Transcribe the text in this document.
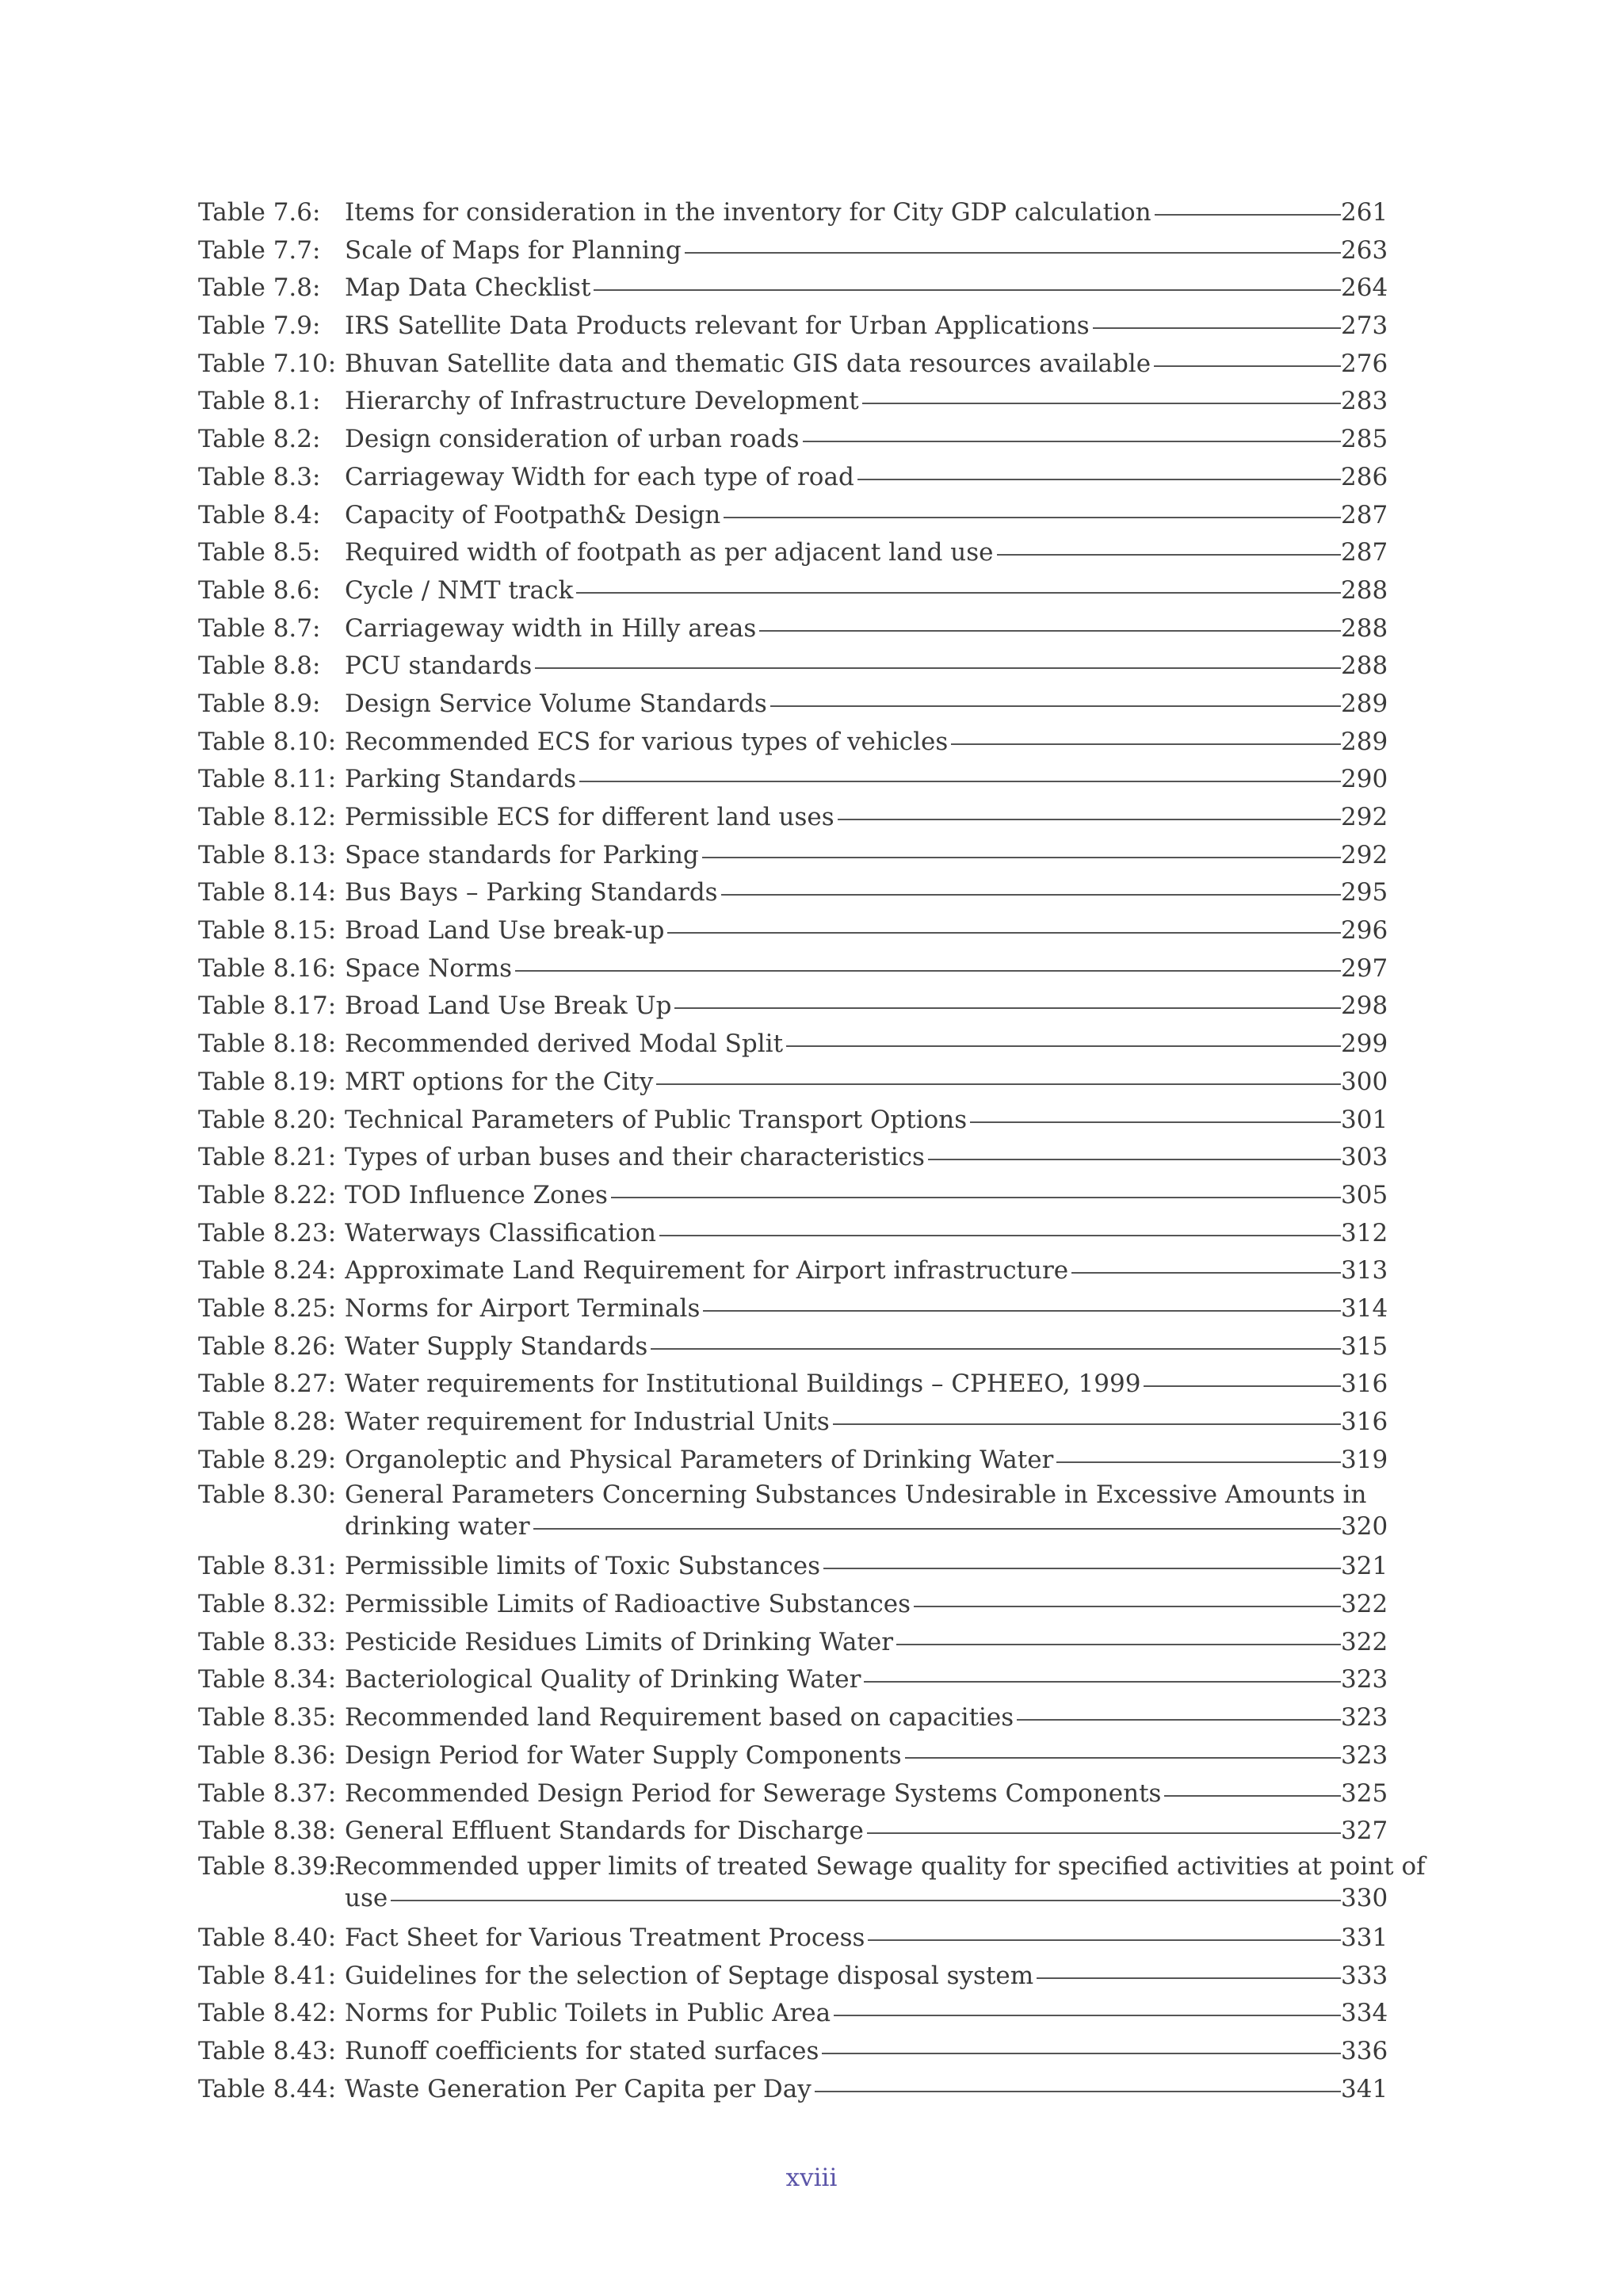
Table 7.6: Items for consideration in the inventory for City GDP calculation	261
Table 7.7: Scale of Maps for Planning	263
Table 7.8: Map Data Checklist	264
Table 7.9: IRS Satellite Data Products relevant for Urban Applications	273
Table 7.10: Bhuvan Satellite data and thematic GIS data resources available	276
Table 8.1: Hierarchy of Infrastructure Development	283
Table 8.2: Design consideration of urban roads	285
Table 8.3: Carriageway Width for each type of road	286
Table 8.4: Capacity of Footpath& Design	287
Table 8.5: Required width of footpath as per adjacent land use	287
Table 8.6: Cycle / NMT track	288
Table 8.7: Carriageway width in Hilly areas	288
Table 8.8: PCU standards	288
Table 8.9: Design Service Volume Standards	289
Table 8.10: Recommended ECS for various types of vehicles	289
Table 8.11: Parking Standards	290
Table 8.12: Permissible ECS for different land uses	292
Table 8.13: Space standards for Parking	292
Table 8.14: Bus Bays – Parking Standards	295
Table 8.15: Broad Land Use break-up	296
Table 8.16: Space Norms	297
Table 8.17: Broad Land Use Break Up	298
Table 8.18: Recommended derived Modal Split	299
Table 8.19: MRT options for the City	300
Table 8.20: Technical Parameters of Public Transport Options	301
Table 8.21: Types of urban buses and their characteristics	303
Table 8.22: TOD Influence Zones	305
Table 8.23: Waterways Classification	312
Table 8.24: Approximate Land Requirement for Airport infrastructure	313
Table 8.25: Norms for Airport Terminals	314
Table 8.26: Water Supply Standards	315
Table 8.27: Water requirements for Institutional Buildings – CPHEEO, 1999	316
Table 8.28: Water requirement for Industrial Units	316
Table 8.29: Organoleptic and Physical Parameters of Drinking Water	319
Table 8.30: General Parameters Concerning Substances Undesirable in Excessive Amounts in
drinking water	320
Table 8.31: Permissible limits of Toxic Substances	321
Table 8.32: Permissible Limits of Radioactive Substances	322
Table 8.33: Pesticide Residues Limits of Drinking Water	322
Table 8.34: Bacteriological Quality of Drinking Water	323
Table 8.35: Recommended land Requirement based on capacities	323
Table 8.36: Design Period for Water Supply Components	323
Table 8.37: Recommended Design Period for Sewerage Systems Components	325
Table 8.38: General Effluent Standards for Discharge	327
Table 8.39:
Recommended upper limits of treated Sewage quality for specified activities at point of
use	330
Table 8.40: Fact Sheet for Various Treatment Process	331
Table 8.41: Guidelines for the selection of Septage disposal system	333
Table 8.42: Norms for Public Toilets in Public Area	334
Table 8.43: Runoff coefficients for stated surfaces	336
Table 8.44: Waste Generation Per Capita per Day	341
xviii
